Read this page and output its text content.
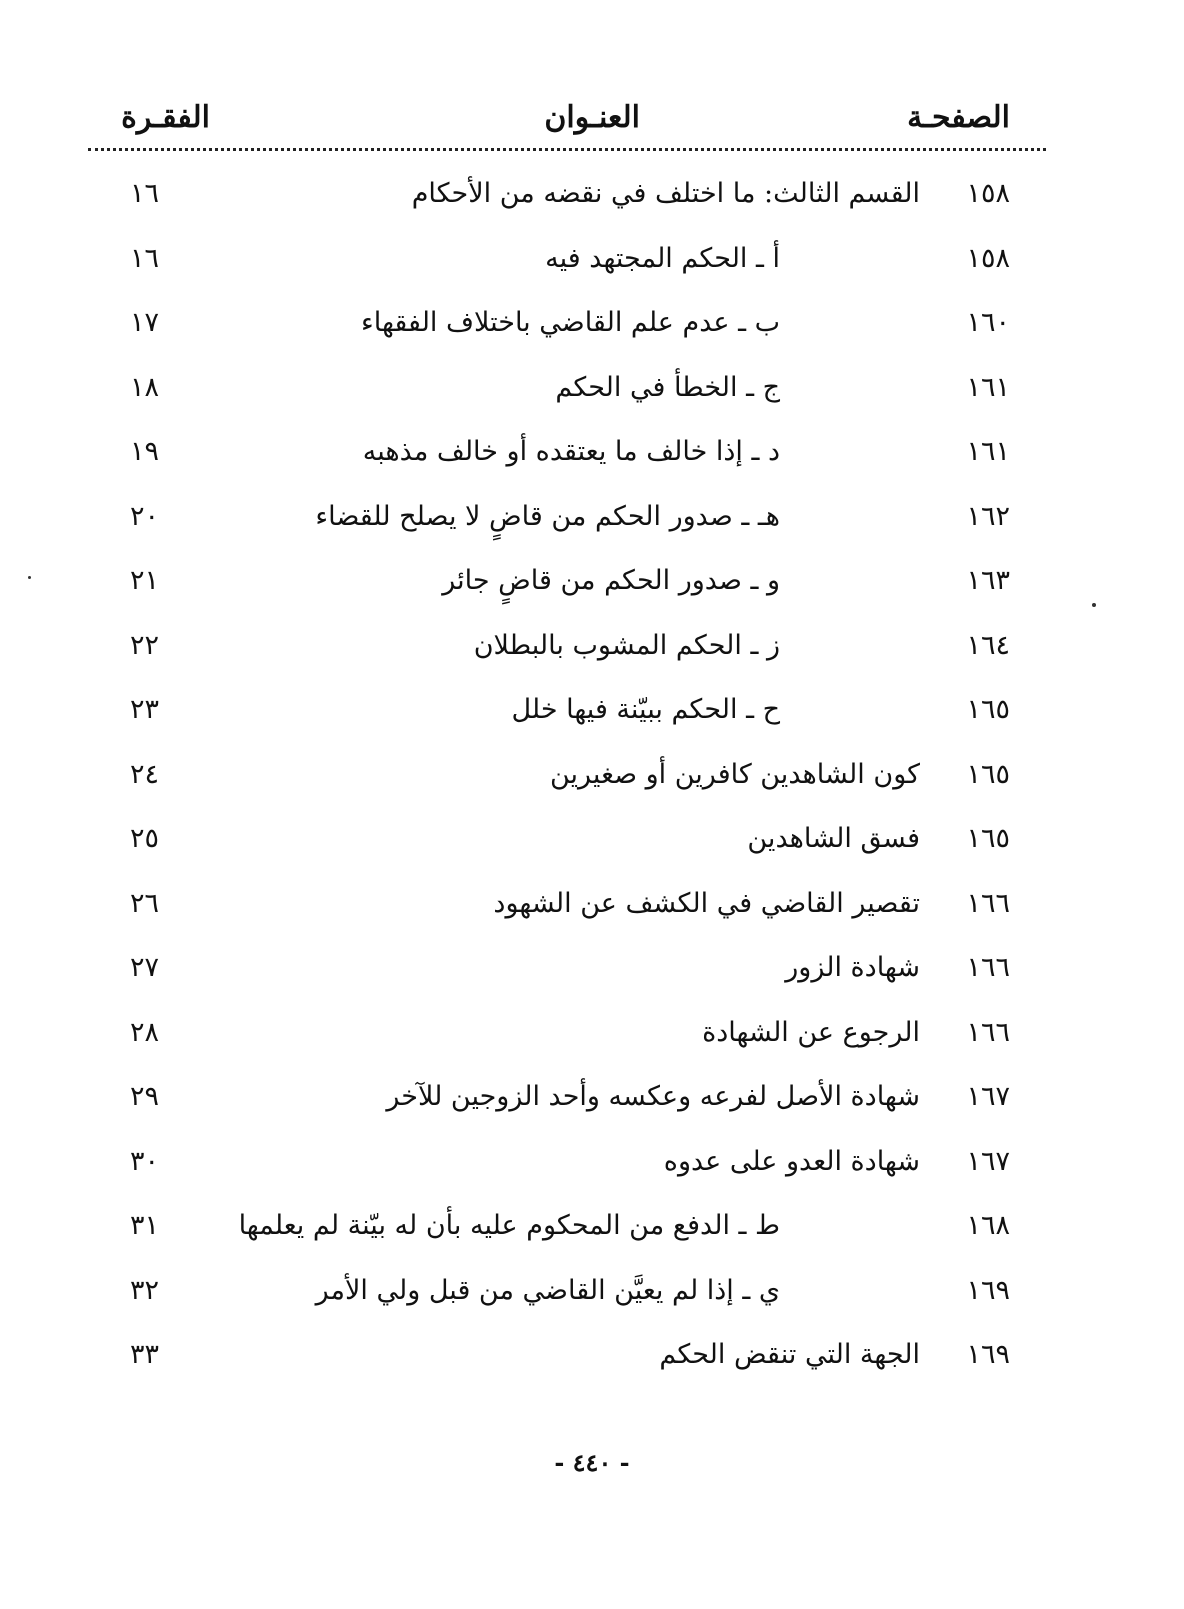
الصفحـة
العنـوان
الفقـرة
١٥٨
القسم الثالث: ما اختلف في نقضه من الأحكام
١٦
١٥٨
أ ـ الحكم المجتهد فيه
١٦
١٦٠
ب ـ عدم علم القاضي باختلاف الفقهاء
١٧
١٦١
ج ـ الخطأ في الحكم
١٨
١٦١
د ـ إذا خالف ما يعتقده أو خالف مذهبه
١٩
١٦٢
هـ ـ صدور الحكم من قاضٍ لا يصلح للقضاء
٢٠
١٦٣
و ـ صدور الحكم من قاضٍ جائر
٢١
١٦٤
ز ـ الحكم المشوب بالبطلان
٢٢
١٦٥
ح ـ الحكم ببيّنة فيها خلل
٢٣
١٦٥
كون الشاهدين كافرين أو صغيرين
٢٤
١٦٥
فسق الشاهدين
٢٥
١٦٦
تقصير القاضي في الكشف عن الشهود
٢٦
١٦٦
شهادة الزور
٢٧
١٦٦
الرجوع عن الشهادة
٢٨
١٦٧
شهادة الأصل لفرعه وعكسه وأحد الزوجين للآخر
٢٩
١٦٧
شهادة العدو على عدوه
٣٠
١٦٨
ط ـ الدفع من المحكوم عليه بأن له بيّنة لم يعلمها
٣١
١٦٩
ي ـ إذا لم يعيَّن القاضي من قبل ولي الأمر
٣٢
١٦٩
الجهة التي تنقض الحكم
٣٣
- ٤٤٠ -
